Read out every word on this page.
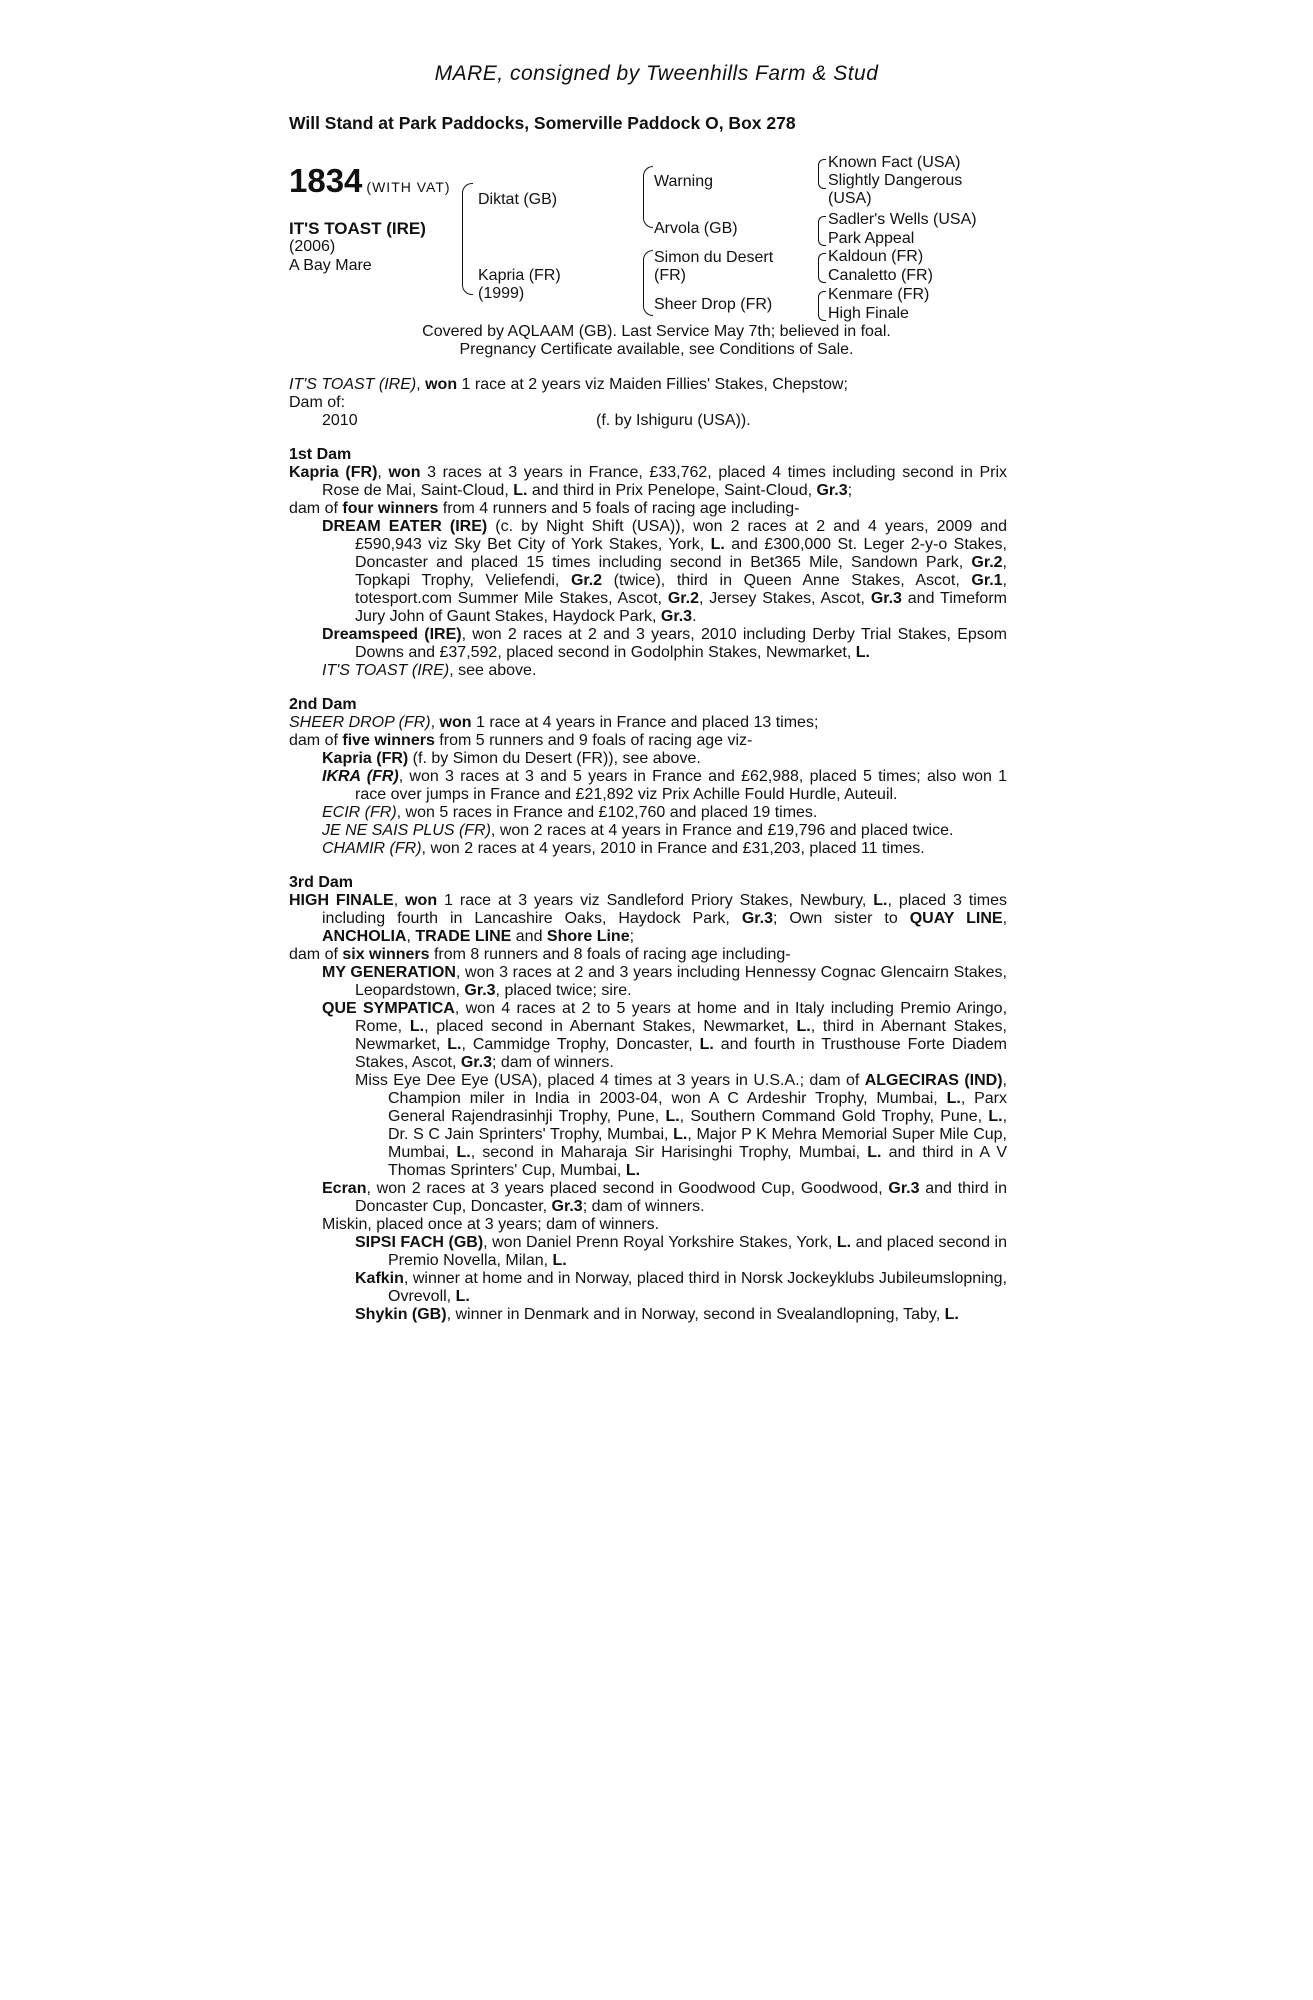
MARE, consigned by Tweenhills Farm & Stud
Will Stand at Park Paddocks, Somerville Paddock O, Box 278
1834 (WITH VAT)
IT'S TOAST (IRE)
(2006)
A Bay Mare
Diktat (GB)
Kapria (FR)
(1999)
Warning
Arvola (GB)
Simon du Desert
(FR)
Sheer Drop (FR)
Known Fact (USA)
Slightly Dangerous
(USA)
Sadler's Wells (USA)
Park Appeal
Kaldoun (FR)
Canaletto (FR)
Kenmare (FR)
High Finale
Covered by AQLAAM (GB). Last Service May 7th; believed in foal.
Pregnancy Certificate available, see Conditions of Sale.

IT'S TOAST (IRE), won 1 race at 2 years viz Maiden Fillies' Stakes, Chepstow;

Dam of:

2010	(f. by Ishiguru (USA)).

1st Dam

Kapria (FR), won 3 races at 3 years in France, £33,762, placed 4 times including second in Prix Rose de Mai, Saint-Cloud, L. and third in Prix Penelope, Saint-Cloud, Gr.3;

dam of four winners from 4 runners and 5 foals of racing age including-

DREAM EATER (IRE) (c. by Night Shift (USA)), won 2 races at 2 and 4 years, 2009 and £590,943 viz Sky Bet City of York Stakes, York, L. and £300,000 St. Leger 2-y-o Stakes, Doncaster and placed 15 times including second in Bet365 Mile, Sandown Park, Gr.2, Topkapi Trophy, Veliefendi, Gr.2 (twice), third in Queen Anne Stakes, Ascot, Gr.1, totesport.com Summer Mile Stakes, Ascot, Gr.2, Jersey Stakes, Ascot, Gr.3 and Timeform Jury John of Gaunt Stakes, Haydock Park, Gr.3.

Dreamspeed (IRE), won 2 races at 2 and 3 years, 2010 including Derby Trial Stakes, Epsom Downs and £37,592, placed second in Godolphin Stakes, Newmarket, L.

IT'S TOAST (IRE), see above.

2nd Dam

SHEER DROP (FR), won 1 race at 4 years in France and placed 13 times;

dam of five winners from 5 runners and 9 foals of racing age viz-

Kapria (FR) (f. by Simon du Desert (FR)), see above.

IKRA (FR), won 3 races at 3 and 5 years in France and £62,988, placed 5 times; also won 1 race over jumps in France and £21,892 viz Prix Achille Fould Hurdle, Auteuil.

ECIR (FR), won 5 races in France and £102,760 and placed 19 times.

JE NE SAIS PLUS (FR), won 2 races at 4 years in France and £19,796 and placed twice.

CHAMIR (FR), won 2 races at 4 years, 2010 in France and £31,203, placed 11 times.

3rd Dam

HIGH FINALE, won 1 race at 3 years viz Sandleford Priory Stakes, Newbury, L., placed 3 times including fourth in Lancashire Oaks, Haydock Park, Gr.3; Own sister to QUAY LINE, ANCHOLIA, TRADE LINE and Shore Line;

dam of six winners from 8 runners and 8 foals of racing age including-

MY GENERATION, won 3 races at 2 and 3 years including Hennessy Cognac Glencairn Stakes, Leopardstown, Gr.3, placed twice; sire.

QUE SYMPATICA, won 4 races at 2 to 5 years at home and in Italy including Premio Aringo, Rome, L., placed second in Abernant Stakes, Newmarket, L., third in Abernant Stakes, Newmarket, L., Cammidge Trophy, Doncaster, L. and fourth in Trusthouse Forte Diadem Stakes, Ascot, Gr.3; dam of winners.

Miss Eye Dee Eye (USA), placed 4 times at 3 years in U.S.A.; dam of ALGECIRAS (IND), Champion miler in India in 2003-04, won A C Ardeshir Trophy, Mumbai, L., Parx General Rajendrasinhji Trophy, Pune, L., Southern Command Gold Trophy, Pune, L., Dr. S C Jain Sprinters' Trophy, Mumbai, L., Major P K Mehra Memorial Super Mile Cup, Mumbai, L., second in Maharaja Sir Harisinghi Trophy, Mumbai, L. and third in A V Thomas Sprinters' Cup, Mumbai, L.

Ecran, won 2 races at 3 years placed second in Goodwood Cup, Goodwood, Gr.3 and third in Doncaster Cup, Doncaster, Gr.3; dam of winners.

Miskin, placed once at 3 years; dam of winners.

SIPSI FACH (GB), won Daniel Prenn Royal Yorkshire Stakes, York, L. and placed second in Premio Novella, Milan, L.

Kafkin, winner at home and in Norway, placed third in Norsk Jockeyklubs Jubileumslopning, Ovrevoll, L.

Shykin (GB), winner in Denmark and in Norway, second in Svealandlopning, Taby, L.
